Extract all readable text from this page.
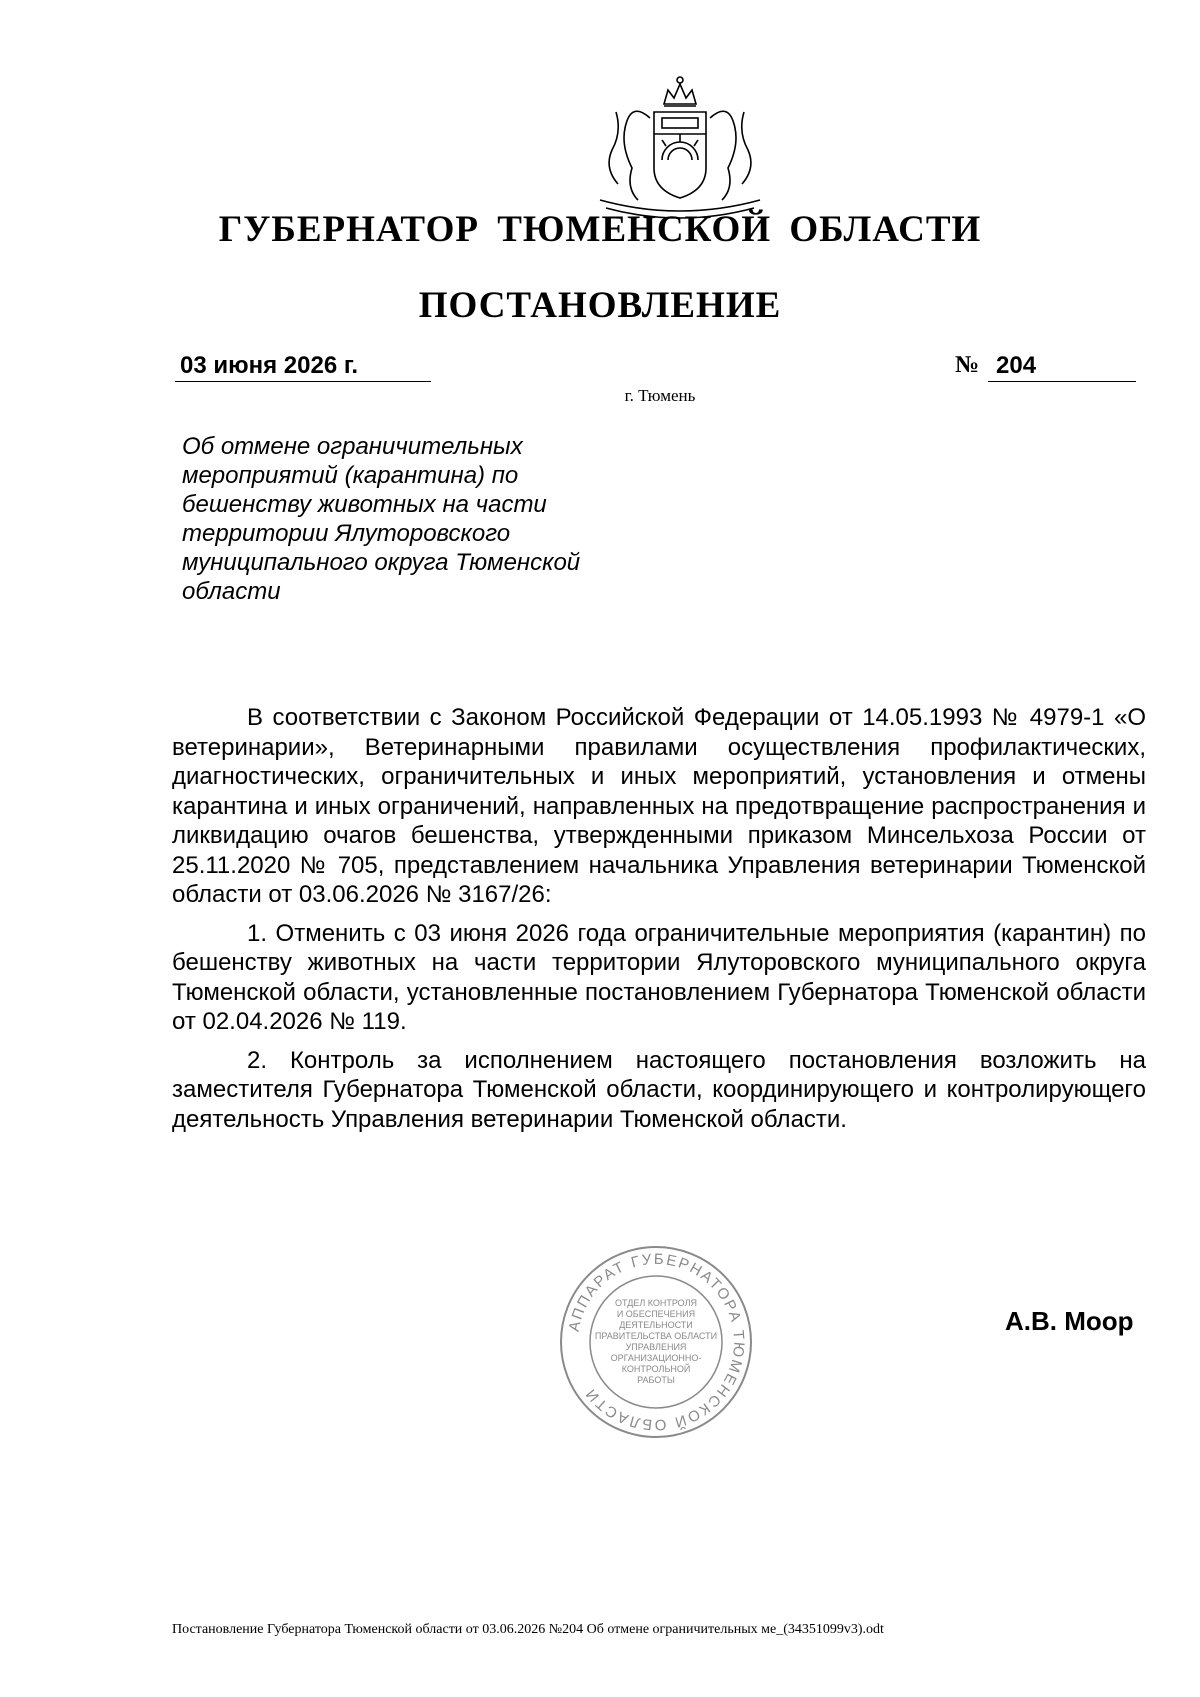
ГУБЕРНАТОР ТЮМЕНСКОЙ ОБЛАСТИ
ПОСТАНОВЛЕНИЕ
03 июня 2026 г.	№ 204
г. Тюмень

Об отмене ограничительных мероприятий (карантина) по бешенству животных на части территории Ялуторовского муниципального округа Тюменской области

В соответствии с Законом Российской Федерации от 14.05.1993 № 4979-1 «О ветеринарии», Ветеринарными правилами осуществления профилактических, диагностических, ограничительных и иных мероприятий, установления и отмены карантина и иных ограничений, направленных на предотвращение распространения и ликвидацию очагов бешенства, утвержденными приказом Минсельхоза России от 25.11.2020 № 705, представлением начальника Управления ветеринарии Тюменской области от 03.06.2026 № 3167/26:

1. Отменить с 03 июня 2026 года ограничительные мероприятия (карантин) по бешенству животных на части территории Ялуторовского муниципального округа Тюменской области, установленные постановлением Губернатора Тюменской области от 02.04.2026 № 119.

2. Контроль за исполнением настоящего постановления возложить на заместителя Губернатора Тюменской области, координирующего и контролирующего деятельность Управления ветеринарии Тюменской области.

АППАРАТ ГУБЕРНАТОРА ТЮМЕНСКОЙ ОБЛАСТИ
ОТДЕЛ КОНТРОЛЯ
И ОБЕСПЕЧЕНИЯ
ДЕЯТЕЛЬНОСТИ
ПРАВИТЕЛЬСТВА ОБЛАСТИ
УПРАВЛЕНИЯ
ОРГАНИЗАЦИОННО-
КОНТРОЛЬНОЙ
РАБОТЫ
А.В. Моор
Постановление Губернатора Тюменской области от 03.06.2026 №204 Об отмене ограничительных ме_(34351099v3).odt
